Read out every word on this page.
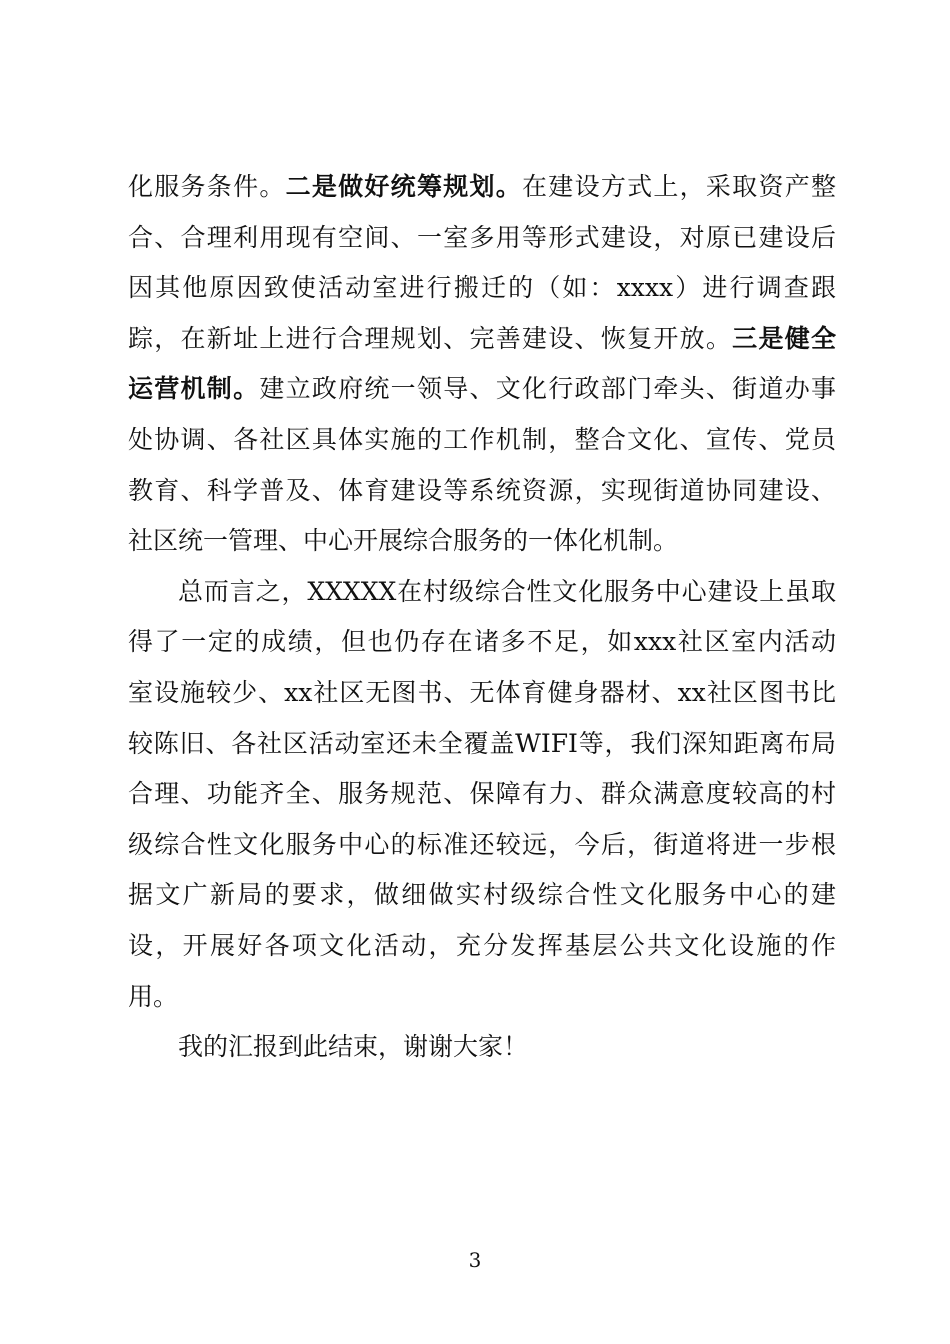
化服务条件。二是做好统筹规划。在建设方式上，采取资产整
合、合理利用现有空间、一室多用等形式建设，对原已建设后
因其他原因致使活动室进行搬迁的（如：xxxx）进行调查跟
踪，在新址上进行合理规划、完善建设、恢复开放。三是健全
运营机制。建立政府统一领导、文化行政部门牵头、街道办事
处协调、各社区具体实施的工作机制，整合文化、宣传、党员
教育、科学普及、体育建设等系统资源，实现街道协同建设、
社区统一管理、中心开展综合服务的一体化机制。
总而言之，XXXXX在村级综合性文化服务中心建设上虽取
得了一定的成绩，但也仍存在诸多不足，如xxx社区室内活动
室设施较少、xx社区无图书、无体育健身器材、xx社区图书比
较陈旧、各社区活动室还未全覆盖WIFI等，我们深知距离布局
合理、功能齐全、服务规范、保障有力、群众满意度较高的村
级综合性文化服务中心的标准还较远，今后，街道将进一步根
据文广新局的要求，做细做实村级综合性文化服务中心的建
设，开展好各项文化活动，充分发挥基层公共文化设施的作
用。
我的汇报到此结束，谢谢大家！
3
